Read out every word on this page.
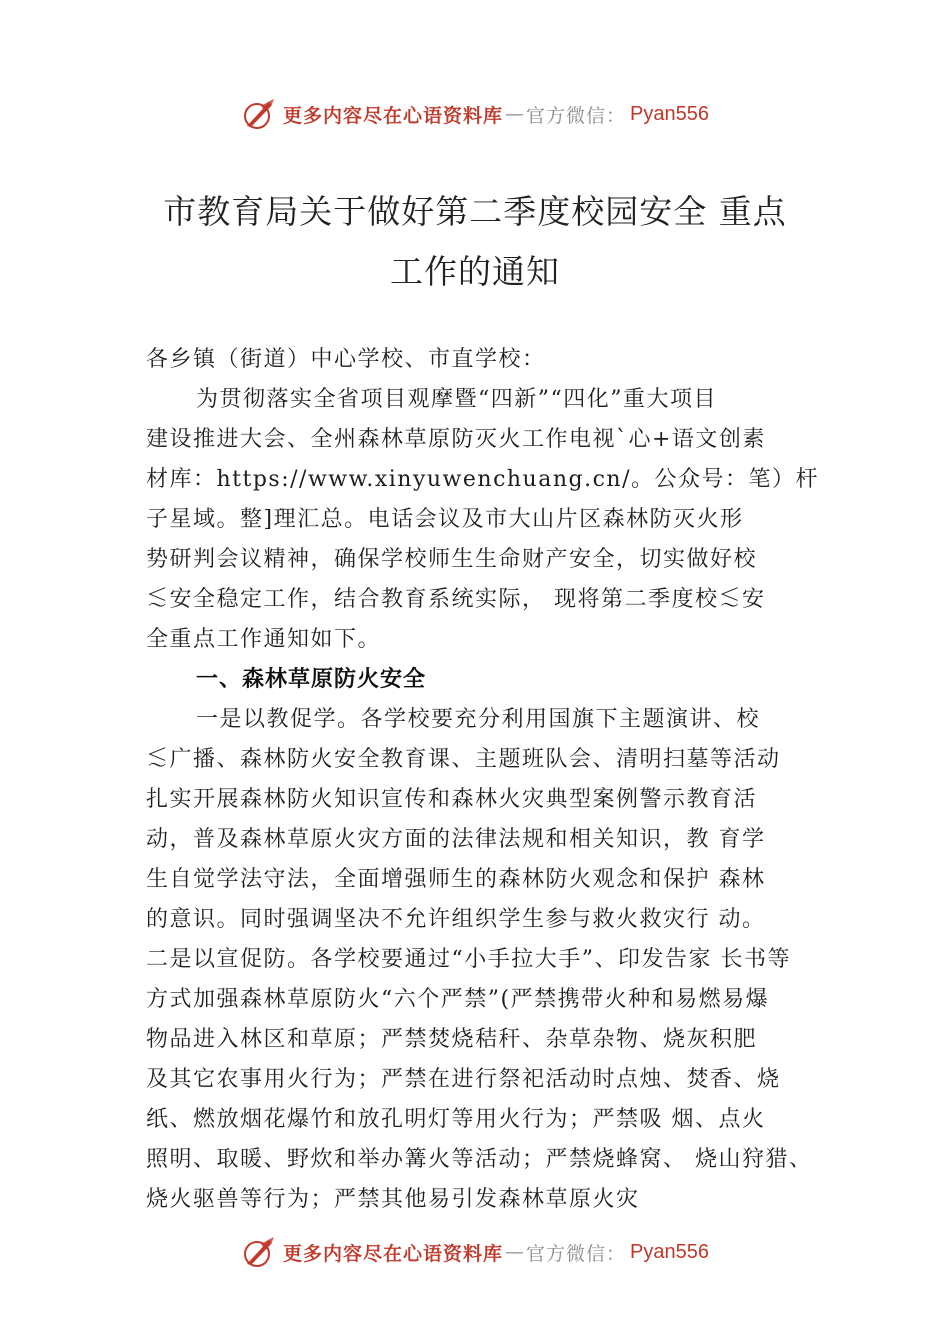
更多内容尽在心语资料库 — 官方微信： Pyan556
市教育局关于做好第二季度校园安全 重点
工作的通知
各乡镇（街道）中心学校、市直学校：
为贯彻落实全省项目观摩暨“四新”“四化”重大项目
建设推进大会、全州森林草原防灭火工作电视`心+语文创素
材库：https://www.xinyuwenchuang.cn/。公众号：笔）杆
子星域。整]理汇总。电话会议及市大山片区森林防灭火形
势研判会议精神，确保学校师生生命财产安全，切实做好校
≲安全稳定工作，结合教育系统实际， 现将第二季度校≲安
全重点工作通知如下。
一、森林草原防火安全
一是以教促学。各学校要充分利用国旗下主题演讲、校
≲广播、森林防火安全教育课、主题班队会、清明扫墓等活动
扎实开展森林防火知识宣传和森林火灾典型案例警示教育活
动，普及森林草原火灾方面的法律法规和相关知识，教 育学
生自觉学法守法，全面增强师生的森林防火观念和保护 森林
的意识。同时强调坚决不允许组织学生参与救火救灾行 动。
二是以宣促防。各学校要通过“小手拉大手”、印发告家 长书等
方式加强森林草原防火“六个严禁”(严禁携带火种和易燃易爆
物品进入林区和草原；严禁焚烧秸秆、杂草杂物、烧灰积肥
及其它农事用火行为；严禁在进行祭祀活动时点烛、焚香、烧
纸、燃放烟花爆竹和放孔明灯等用火行为；严禁吸 烟、点火
照明、取暖、野炊和举办篝火等活动；严禁烧蜂窝、 烧山狩猎、
烧火驱兽等行为；严禁其他易引发森林草原火灾
更多内容尽在心语资料库 — 官方微信： Pyan556
